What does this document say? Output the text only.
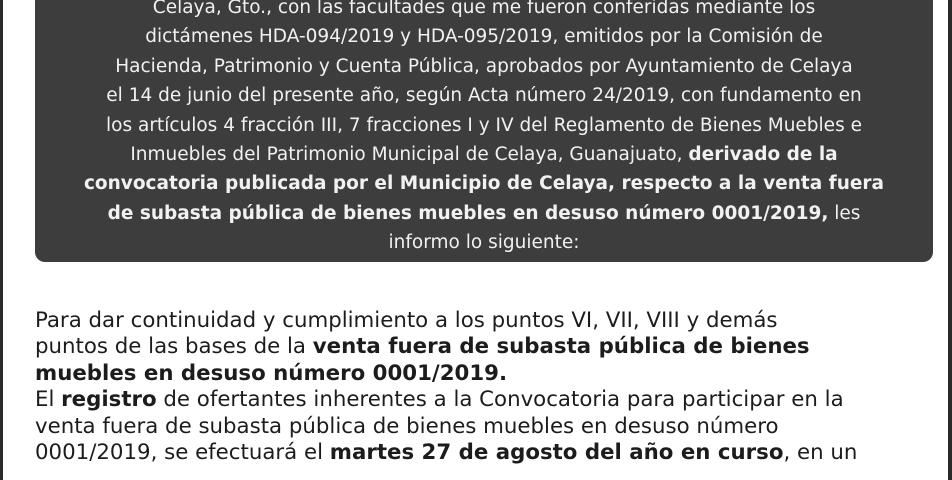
Celaya, Gto., con las facultades que me fueron conferidas mediante los
dictámenes HDA-094/2019 y HDA-095/2019, emitidos por la Comisión de
Hacienda, Patrimonio y Cuenta Pública, aprobados por Ayuntamiento de Celaya
el 14 de junio del presente año, según Acta número 24/2019, con fundamento en
los artículos 4 fracción III, 7 fracciones I y IV del Reglamento de Bienes Muebles e
Inmuebles del Patrimonio Municipal de Celaya, Guanajuato, derivado de la
convocatoria publicada por el Municipio de Celaya, respecto a la venta fuera
de subasta pública de bienes muebles en desuso número 0001/2019, les
informo lo siguiente:

Para dar continuidad y cumplimiento a los puntos VI, VII, VIII y demás
puntos de las bases de la venta fuera de subasta pública de bienes
muebles en desuso número 0001/2019.
El registro de ofertantes inherentes a la Convocatoria para participar en la
venta fuera de subasta pública de bienes muebles en desuso número
0001/2019, se efectuará el martes 27 de agosto del año en curso, en un
